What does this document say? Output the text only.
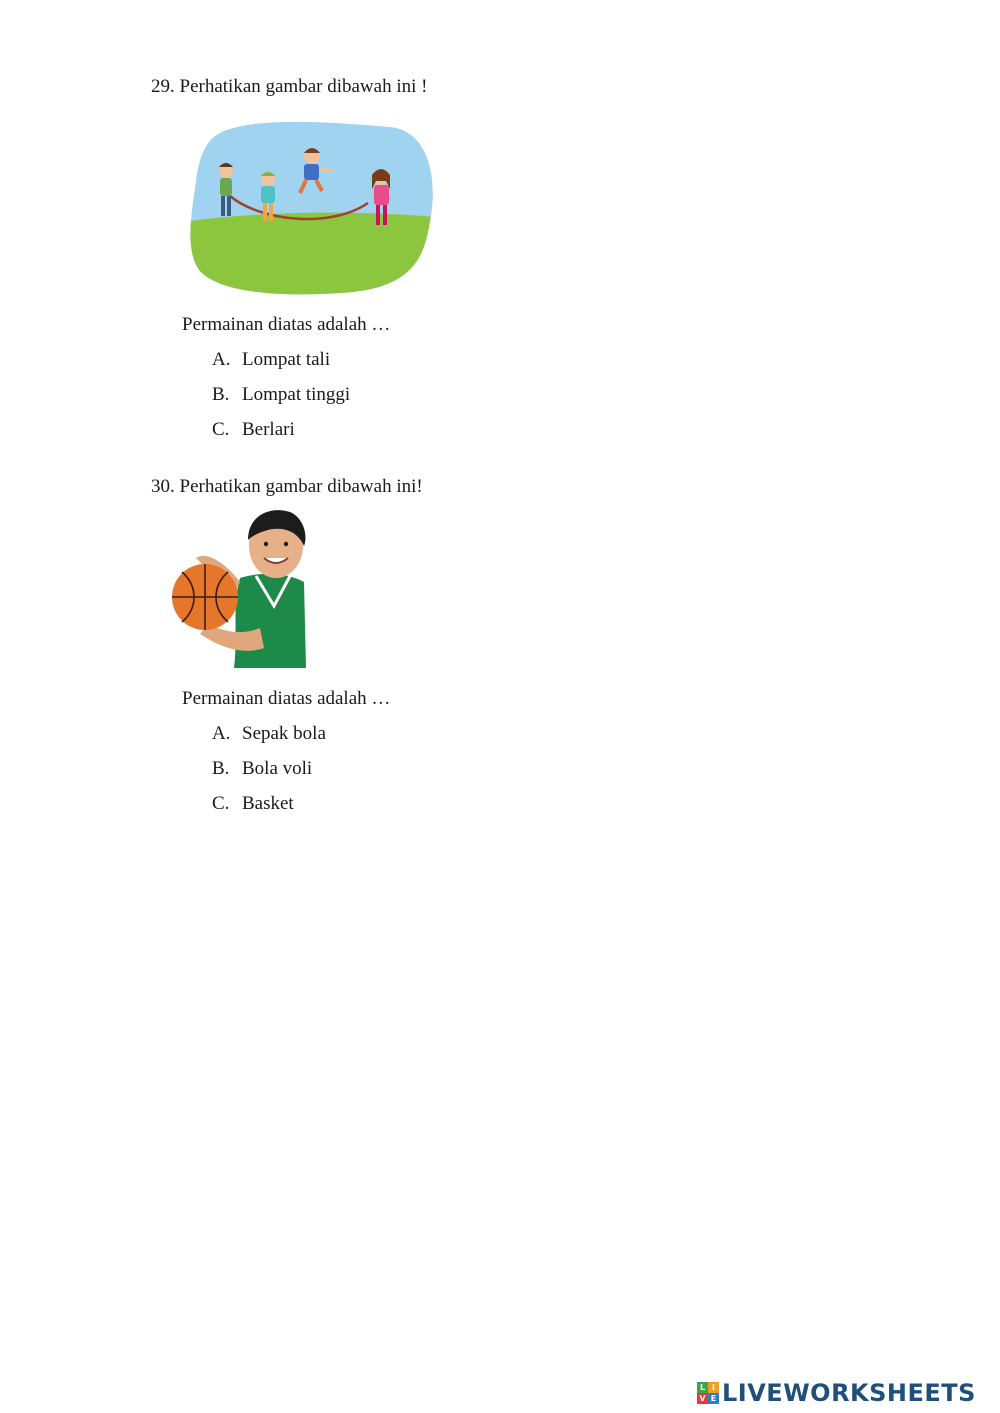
29. Perhatikan gambar dibawah ini !
Permainan diatas adalah …
A. Lompat tali
B. Lompat tinggi
C. Berlari
30. Perhatikan gambar dibawah ini!
Permainan diatas adalah …
A. Sepak bola
B. Bola voli
C. Basket
L I
V E LIVEWORKSHEETS
